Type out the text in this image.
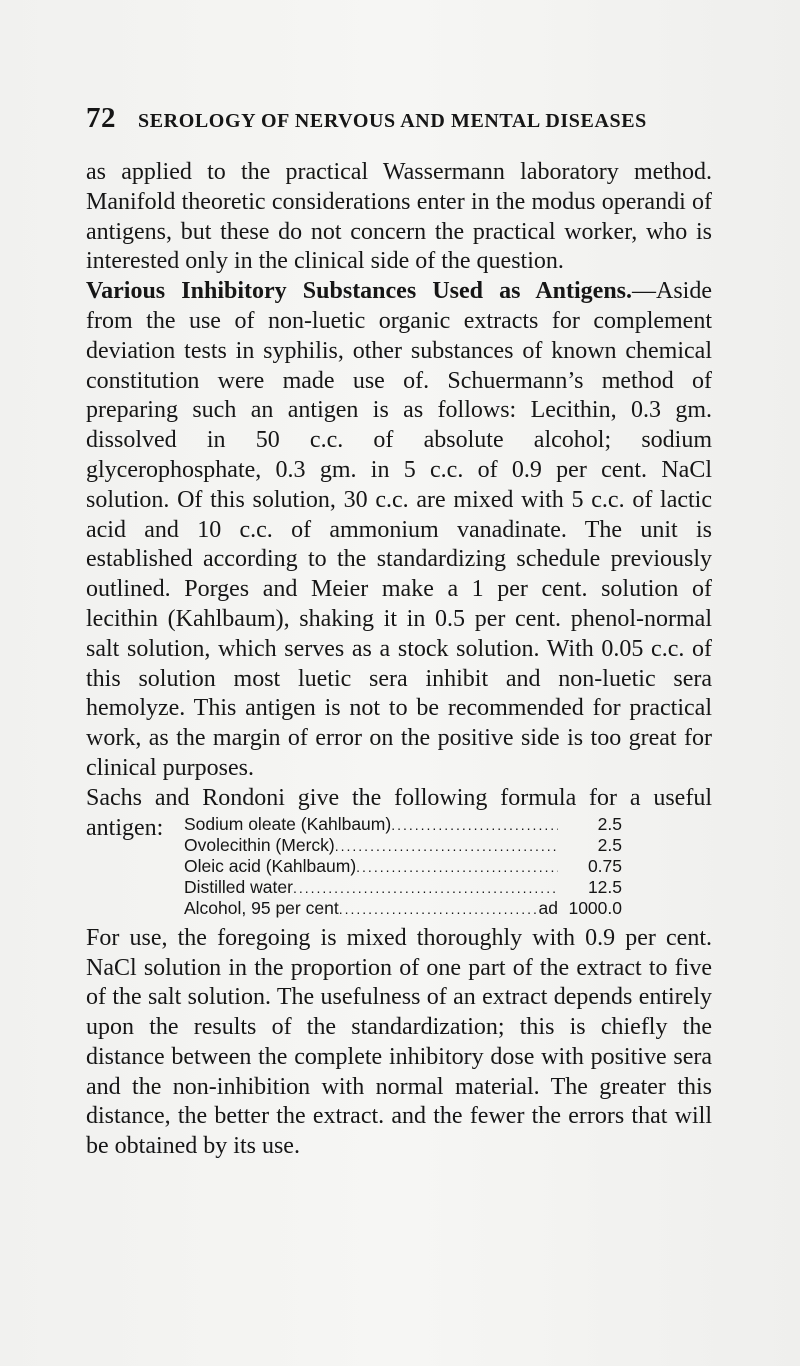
72 SEROLOGY OF NERVOUS AND MENTAL DISEASES

as applied to the practical Wassermann laboratory method. Manifold theoretic considerations enter in the modus operandi of antigens, but these do not concern the practical worker, who is interested only in the clinical side of the question.

Various Inhibitory Substances Used as Antigens.—Aside from the use of non-luetic organic extracts for complement deviation tests in syphilis, other substances of known chemical constitution were made use of. Schuermann’s method of preparing such an antigen is as follows: Lecithin, 0.3 gm. dissolved in 50 c.c. of absolute alcohol; sodium glycerophosphate, 0.3 gm. in 5 c.c. of 0.9 per cent. NaCl solution. Of this solution, 30 c.c. are mixed with 5 c.c. of lactic acid and 10 c.c. of ammonium vanadinate. The unit is established according to the standardizing schedule previously outlined. Porges and Meier make a 1 per cent. solution of lecithin (Kahlbaum), shaking it in 0.5 per cent. phenol-normal salt solution, which serves as a stock solution. With 0.05 c.c. of this solution most luetic sera inhibit and non-luetic sera hemolyze. This antigen is not to be recommended for practical work, as the margin of error on the positive side is too great for clinical purposes.

Sachs and Rondoni give the following formula for a useful antigen:	Sodium oleate (Kahlbaum) .....	2.5
Ovolecithin (Merck) .....	2.5
Oleic acid (Kahlbaum) .....	0.75
Distilled water .....	12.5
Alcohol, 95 per cent .....	ad 1000.0

For use, the foregoing is mixed thoroughly with 0.9 per cent. NaCl solution in the proportion of one part of the extract to five of the salt solution. The usefulness of an extract depends entirely upon the results of the standardization; this is chiefly the distance between the complete inhibitory dose with positive sera and the non-inhibition with normal material. The greater this distance, the better the extract. and the fewer the errors that will be obtained by its use.
